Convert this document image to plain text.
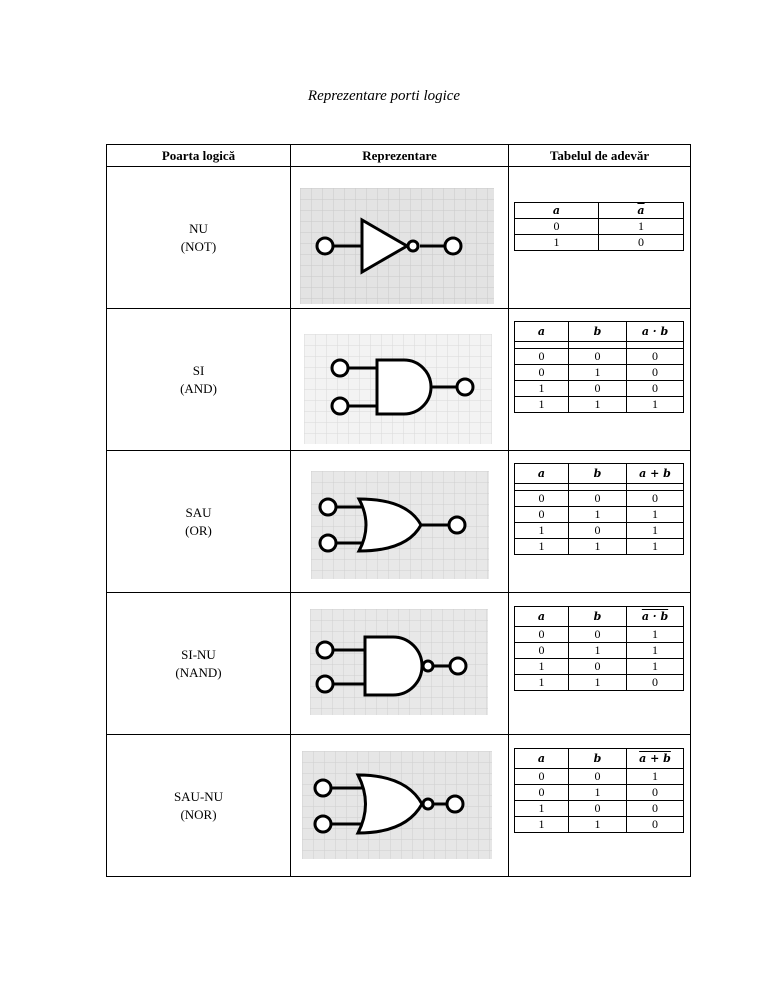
Reprezentare porti logice
Poarta logică	Reprezentare	Tabelul de adevăr

NU
(NOT)

a	$\overline{a}$
0	1
1	0

SI
(AND)

a	b	a · b

0	0	0
0	1	0
1	0	0
1	1	1

SAU
(OR)

a	b	a + b

0	0	0
0	1	1
1	0	1
1	1	1

SI-NU
(NAND)

a	b	a · b
0	0	1
0	1	1
1	0	1
1	1	0

SAU-NU
(NOR)

a	b	a + b
0	0	1
0	1	0
1	0	0
1	1	0
